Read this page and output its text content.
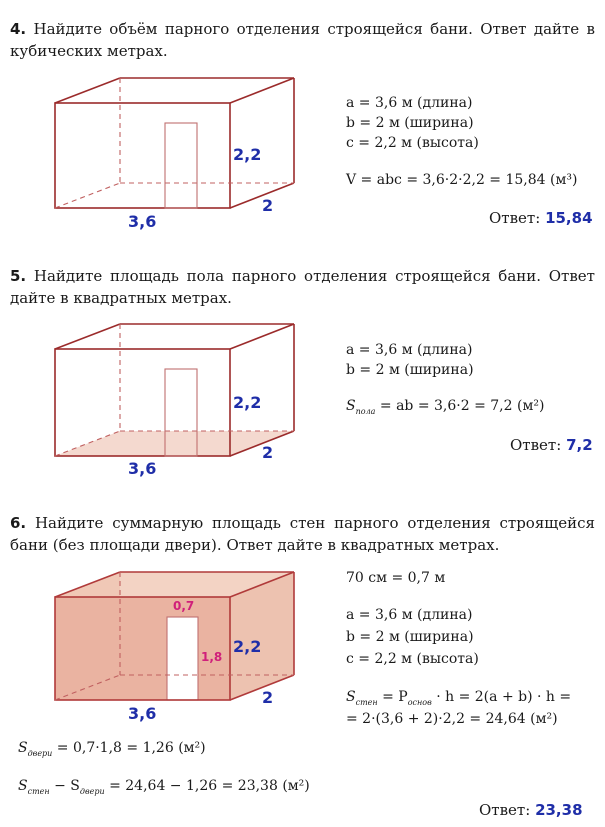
4. Найдите объём парного отделения строящейся бани. Ответ дайте в кубических метрах.
3,6
2,2
2
a = 3,6 м (длина)
b = 2 м (ширина)
c = 2,2 м (высота)
V = abc = 3,6·2·2,2 = 15,84 (м³)
Ответ: 15,84
5. Найдите площадь пола парного отделения строящейся бани. Ответ дайте в квадратных метрах.
3,6
2,2
2
a = 3,6 м (длина)
b = 2 м (ширина)
$S_{пола}$ = ab = 3,6·2 = 7,2 (м²)
Ответ: 7,2
6. Найдите суммарную площадь стен парного отделения строящейся бани (без площади двери). Ответ дайте в квадратных метрах.
0,7
1,8
3,6
2,2
2
70 см = 0,7 м
a = 3,6 м (длина)
b = 2 м (ширина)
c = 2,2 м (высота)
$S_{стен} = P_{основ} \cdot h = 2(a + b) \cdot h$ =
= 2·(3,6 + 2)·2,2 = 24,64 (м²)
$S_{двери} = 0,7\cdot 1,8 = 1,26$ (м²)
$S_{стен} - S_{двери} = 24,64 - 1,26 = 23,38$ (м²)
Ответ: 23,38
